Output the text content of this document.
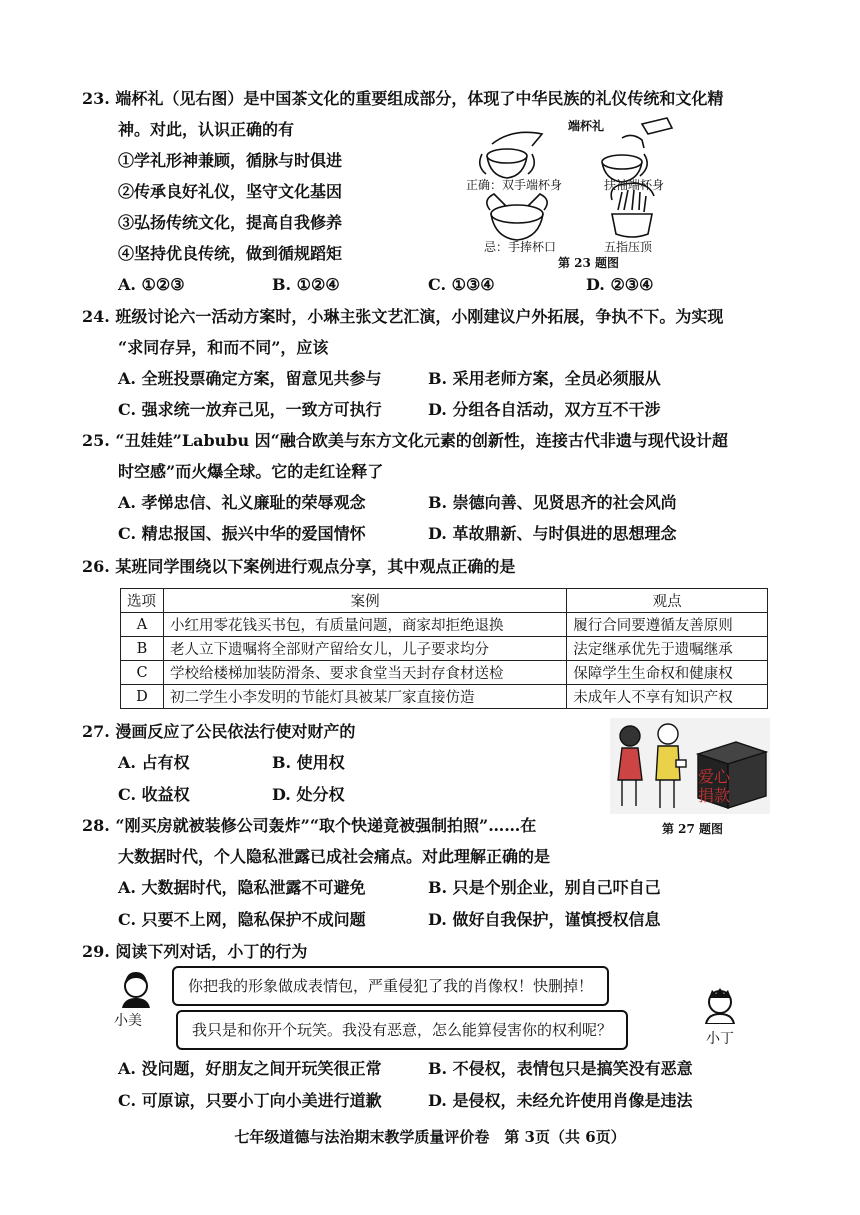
23. 端杯礼（见右图）是中国茶文化的重要组成部分，体现了中华民族的礼仪传统和文化精
神。对此，认识正确的有
①学礼形神兼顾，循脉与时俱进
②传承良好礼仪，坚守文化基因
③弘扬传统文化，提高自我修养
④坚持优良传统，做到循规蹈矩
A. ①②③	B. ①②④	C. ①③④	D. ②③④
端杯礼
正确：双手端杯身	扶袖端杯身
忌：手捧杯口	五指压顶
第 23 题图
24. 班级讨论六一活动方案时，小琳主张文艺汇演，小刚建议户外拓展，争执不下。为实现
“求同存异，和而不同”，应该
A. 全班投票确定方案，留意见共参与	B. 采用老师方案，全员必须服从
C. 强求统一放弃己见，一致方可执行	D. 分组各自活动，双方互不干涉
25. “丑娃娃”Labubu 因“融合欧美与东方文化元素的创新性，连接古代非遗与现代设计超
时空感”而火爆全球。它的走红诠释了
A. 孝悌忠信、礼义廉耻的荣辱观念	B. 崇德向善、见贤思齐的社会风尚
C. 精忠报国、振兴中华的爱国情怀	D. 革故鼎新、与时俱进的思想理念
26. 某班同学围绕以下案例进行观点分享，其中观点正确的是
选项	案例	观点
A	小红用零花钱买书包，有质量问题，商家却拒绝退换	履行合同要遵循友善原则
B	老人立下遗嘱将全部财产留给女儿，儿子要求均分	法定继承优先于遗嘱继承
C	学校给楼梯加装防滑条、要求食堂当天封存食材送检	保障学生生命权和健康权
D	初二学生小李发明的节能灯具被某厂家直接仿造	未成年人不享有知识产权
27. 漫画反应了公民依法行使对财产的
A. 占有权	B. 使用权
C. 收益权	D. 处分权
爱心
捐款
第 27 题图
28. “刚买房就被装修公司轰炸”“取个快递竟被强制拍照”……在
大数据时代，个人隐私泄露已成社会痛点。对此理解正确的是
A. 大数据时代，隐私泄露不可避免	B. 只是个别企业，别自己吓自己
C. 只要不上网，隐私保护不成问题	D. 做好自我保护，谨慎授权信息
29. 阅读下列对话，小丁的行为
小美
你把我的形象做成表情包，严重侵犯了我的肖像权！快删掉！
小丁
我只是和你开个玩笑。我没有恶意，怎么能算侵害你的权利呢？
A. 没问题，好朋友之间开玩笑很正常	B. 不侵权，表情包只是搞笑没有恶意
C. 可原谅，只要小丁向小美进行道歉	D. 是侵权，未经允许使用肖像是违法
七年级道德与法治期末教学质量评价卷　第 3页（共 6页）
